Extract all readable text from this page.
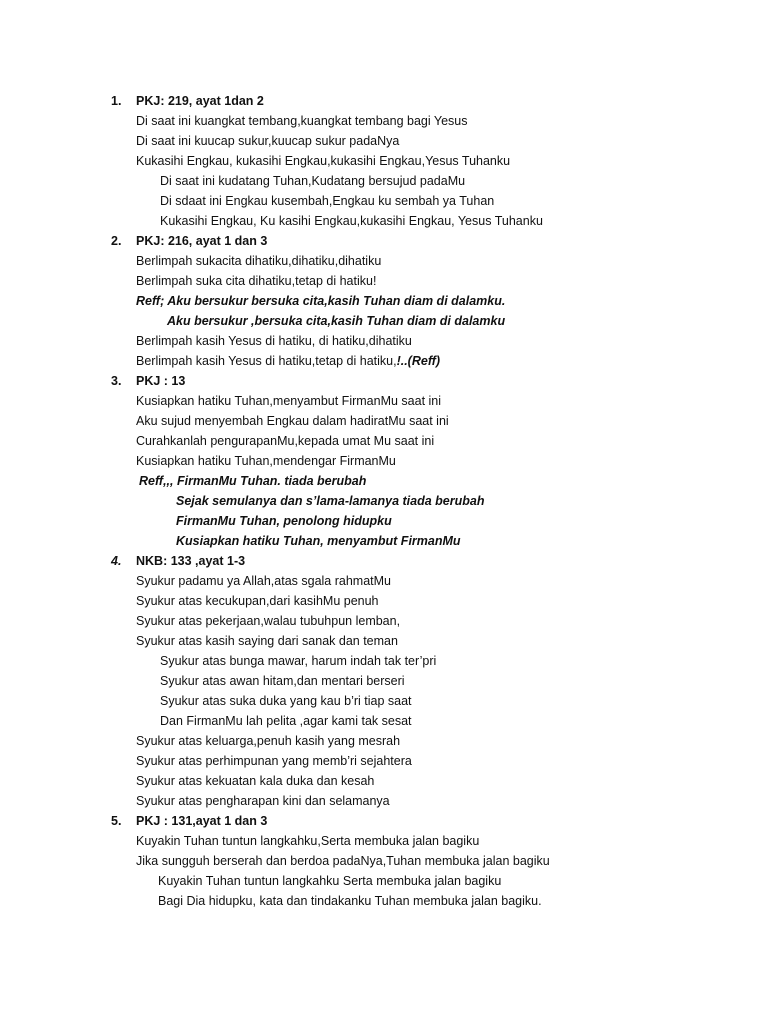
1. PKJ: 219, ayat 1dan 2
Di saat ini kuangkat tembang,kuangkat tembang bagi Yesus
Di saat ini kuucap sukur,kuucap sukur padaNya
Kukasihi Engkau, kukasihi Engkau,kukasihi Engkau,Yesus Tuhanku
Di saat ini kudatang Tuhan,Kudatang bersujud padaMu
Di sdaat ini Engkau kusembah,Engkau ku sembah ya Tuhan
Kukasihi Engkau, Ku kasihi Engkau,kukasihi Engkau, Yesus Tuhanku
2. PKJ: 216, ayat 1 dan 3
Berlimpah sukacita dihatiku,dihatiku,dihatiku
Berlimpah suka cita dihatiku,tetap di hatiku!
Reff; Aku bersukur bersuka cita,kasih Tuhan diam di dalamku.
Aku bersukur ,bersuka cita,kasih Tuhan diam di dalamku
Berlimpah kasih Yesus di hatiku, di hatiku,dihatiku
Berlimpah kasih Yesus di hatiku,tetap di hatiku,!..(Reff)
3. PKJ : 13
Kusiapkan hatiku Tuhan,menyambut FirmanMu saat ini
Aku sujud menyembah Engkau dalam hadiratMu saat ini
Curahkanlah pengurapanMu,kepada umat Mu saat ini
Kusiapkan hatiku Tuhan,mendengar FirmanMu
Reff,,, FirmanMu Tuhan. tiada berubah
Sejak semulanya dan s’lama-lamanya tiada berubah
FirmanMu Tuhan, penolong hidupku
Kusiapkan hatiku Tuhan, menyambut FirmanMu
4. NKB: 133 ,ayat 1-3
Syukur padamu ya Allah,atas sgala rahmatMu
Syukur atas kecukupan,dari kasihMu penuh
Syukur atas pekerjaan,walau tubuhpun lemban,
Syukur atas kasih saying dari sanak dan teman
Syukur atas bunga mawar, harum indah tak ter’pri
Syukur atas awan hitam,dan mentari berseri
Syukur atas suka duka yang kau b’ri tiap saat
Dan FirmanMu lah pelita ,agar kami tak sesat
Syukur atas keluarga,penuh kasih yang mesrah
Syukur atas perhimpunan yang memb’ri sejahtera
Syukur atas kekuatan kala duka dan kesah
Syukur atas pengharapan kini dan selamanya
5. PKJ : 131,ayat 1 dan 3
Kuyakin Tuhan tuntun langkahku,Serta membuka jalan bagiku
Jika sungguh berserah dan berdoa padaNya,Tuhan membuka jalan bagiku
Kuyakin Tuhan tuntun langkahku Serta membuka jalan bagiku
Bagi Dia hidupku, kata dan tindakanku Tuhan membuka jalan bagiku.
